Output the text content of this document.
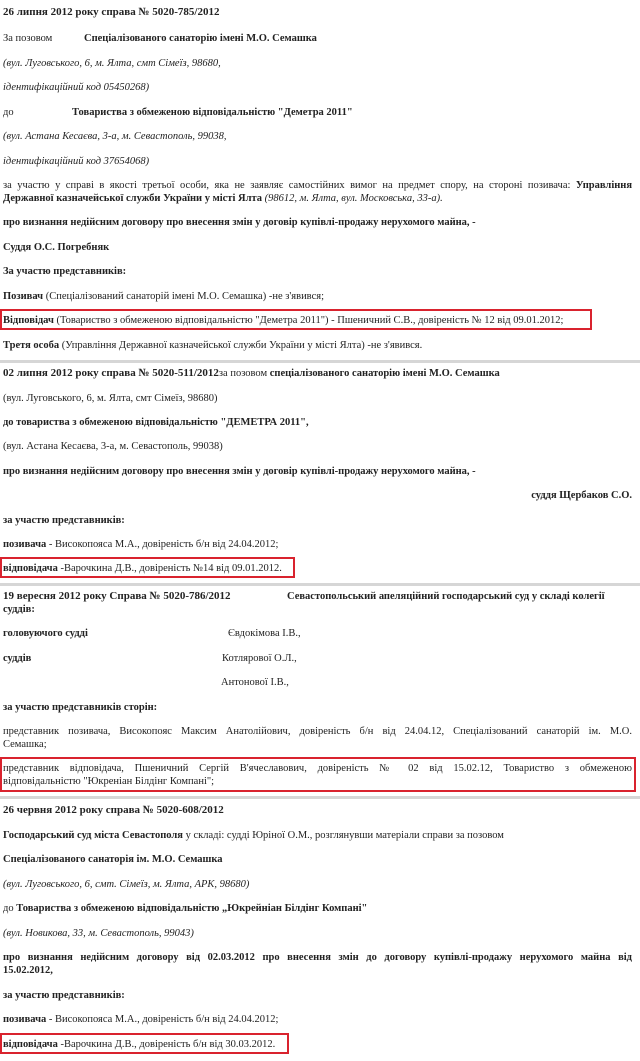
26 липня 2012 року справа № 5020-785/2012
За позовом	Спеціалізованого санаторію імені М.О. Семашка
(вул. Луговського, 6, м. Ялта, смт Сімеїз, 98680,
ідентифікаційний код 05450268)
до	Товариства з обмеженою відповідальністю "Деметра 2011"
(вул. Астана Кесаєва, 3-а, м. Севастополь, 99038,
ідентифікаційний код 37654068)
за участю у справі в якості третьої особи, яка не заявляє самостійних вимог на предмет спору, на стороні позивача: Управління
Державної казначейської служби України у місті Ялта (98612, м. Ялта, вул. Московська, 33-а).
про визнання недійсним договору про внесення змін у договір купівлі-продажу нерухомого майна, -
Суддя О.С. Погребняк
За участю представників:
Позивач (Спеціалізований санаторій імені М.О. Семашка) -не з'явився;
Відповідач (Товариство з обмеженою відповідальністю "Деметра 2011") - Пшеничний С.В., довіреність № 12 від 09.01.2012;
Третя особа (Управління Державної казначейської служби України у місті Ялта) -не з'явився.
02 липня 2012 року справа № 5020-511/2012за позовом спеціалізованого санаторію імені М.О. Семашка
(вул. Луговського, 6, м. Ялта, смт Сімеїз, 98680)
до товариства з обмеженою відповідальністю "ДЕМЕТРА 2011",
(вул. Астана Кесаєва, 3-а, м. Севастополь, 99038)
про визнання недійсним договору про внесення змін у договір купівлі-продажу нерухомого майна, -
суддя Щербаков С.О.
за участю представників:
позивача - Високопояса М.А., довіреність б/н від 24.04.2012;
відповідача -Варочкина Д.В., довіреність №14 від 09.01.2012.
19 вересня 2012 року Справа № 5020-786/2012	Севастопольський апеляційний господарський суд у складі колегії
суддів:
головуючого судді	Євдокімова І.В.,
суддів	Котлярової О.Л.,
Антонової І.В.,
за участю представників сторін:
представник позивача, Високопояс Максим Анатолійович, довіреність б/н від 24.04.12, Спеціалізований санаторій ім. М.О.
Семашка;
представник відповідача, Пшеничний Сергій В'ячеславович, довіреність № 02 від 15.02.12, Товариство з обмеженою
відповідальністю "Юкреніан Білдінг Компані";
26 червня 2012 року справа № 5020-608/2012
Господарський суд міста Севастополя у складі: судді Юріної О.М., розглянувши матеріали справи за позовом
Спеціалізованого санаторія ім. М.О. Семашка
(вул. Луговського, 6, смт. Сімеїз, м. Ялта, АРК, 98680)
до Товариства з обмеженою відповідальністю „Юкрейніан Білдінг Компані"
(вул. Новикова, 33, м. Севастополь, 99043)
про визнання недійсним договору від 02.03.2012 про внесення змін до договору купівлі-продажу нерухомого майна від
15.02.2012,
за участю представників:
позивача - Високопояса М.А., довіреність б/н від 24.04.2012;
відповідача -Варочкина Д.В., довіреність б/н від 30.03.2012.
